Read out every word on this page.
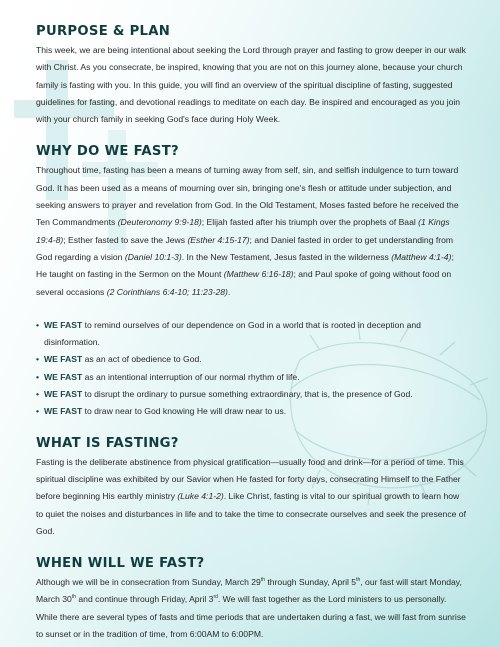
PURPOSE & PLAN

This week, we are being intentional about seeking the Lord through prayer and fasting to grow deeper in our walk with Christ. As you consecrate, be inspired, knowing that you are not on this journey alone, because your church family is fasting with you. In this guide, you will find an overview of the spiritual discipline of fasting, suggested guidelines for fasting, and devotional readings to meditate on each day. Be inspired and encouraged as you join with your church family in seeking God's face during Holy Week.

WHY DO WE FAST?

Throughout time, fasting has been a means of turning away from self, sin, and selfish indulgence to turn toward God. It has been used as a means of mourning over sin, bringing one's flesh or attitude under subjection, and seeking answers to prayer and revelation from God. In the Old Testament, Moses fasted before he received the Ten Commandments (Deuteronomy 9:9-18); Elijah fasted after his triumph over the prophets of Baal (1 Kings 19:4-8); Esther fasted to save the Jews (Esther 4:15-17); and Daniel fasted in order to get understanding from God regarding a vision (Daniel 10:1-3). In the New Testament, Jesus fasted in the wilderness (Matthew 4:1-4); He taught on fasting in the Sermon on the Mount (Matthew 6:16-18); and Paul spoke of going without food on several occasions (2 Corinthians 6:4-10; 11:23-28).

• WE FAST to remind ourselves of our dependence on God in a world that is rooted in deception and disinformation.
• WE FAST as an act of obedience to God.
• WE FAST as an intentional interruption of our normal rhythm of life.
• WE FAST to disrupt the ordinary to pursue something extraordinary, that is, the presence of God.
• WE FAST to draw near to God knowing He will draw near to us.
WHAT IS FASTING?

Fasting is the deliberate abstinence from physical gratification—usually food and drink—for a period of time. This spiritual discipline was exhibited by our Savior when He fasted for forty days, consecrating Himself to the Father before beginning His earthly ministry (Luke 4:1-2). Like Christ, fasting is vital to our spiritual growth to learn how to quiet the noises and disturbances in life and to take the time to consecrate ourselves and seek the presence of God.

WHEN WILL WE FAST?

Although we will be in consecration from Sunday, March 29th through Sunday, April 5th, our fast will start Monday, March 30th and continue through Friday, April 3rd. We will fast together as the Lord ministers to us personally. While there are several types of fasts and time periods that are undertaken during a fast, we will fast from sunrise to sunset or in the tradition of time, from 6:00AM to 6:00PM.
